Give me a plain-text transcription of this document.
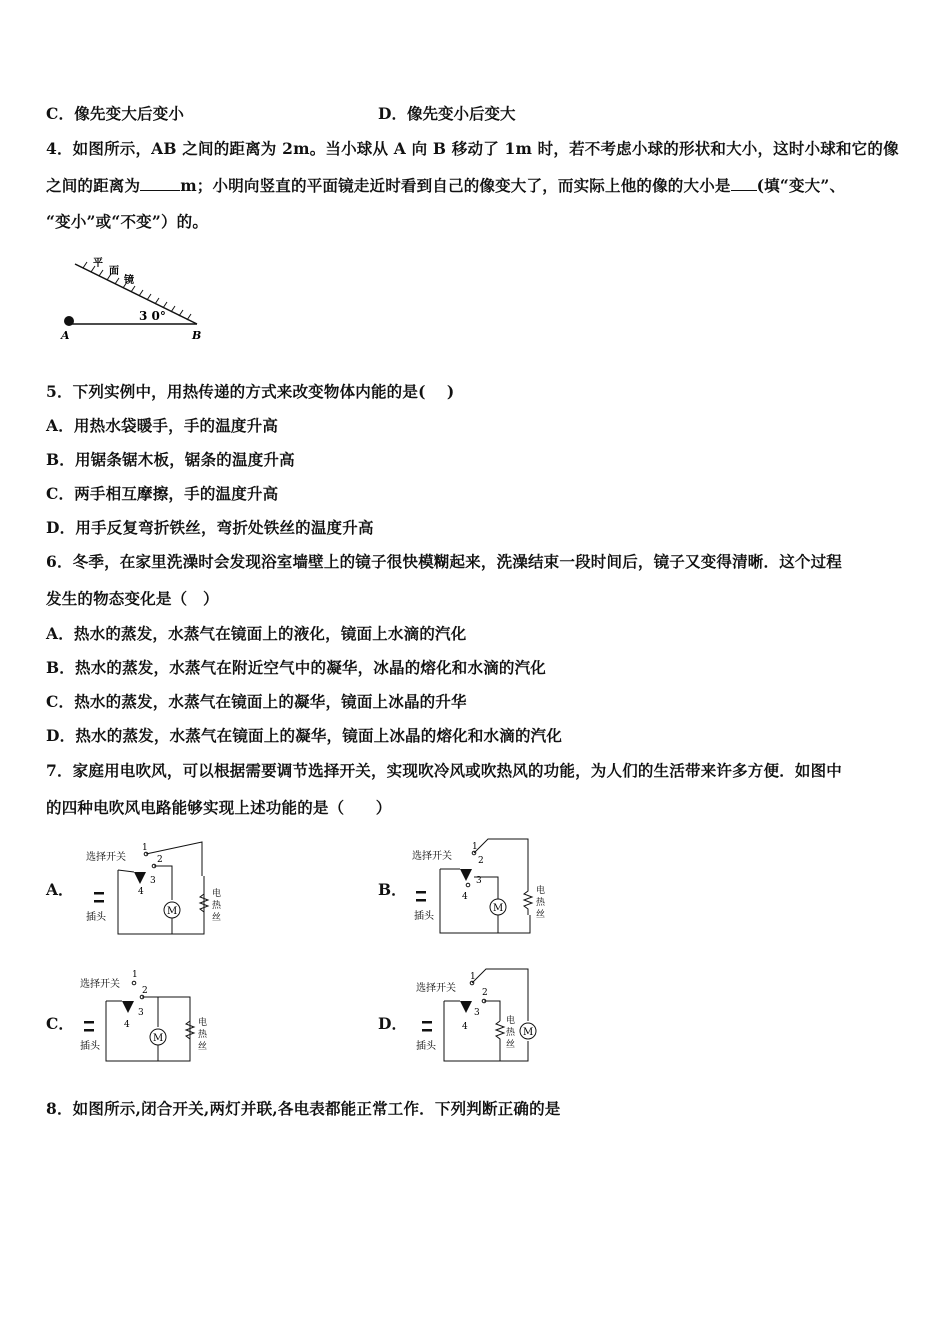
C．像先变大后变小	D．像先变小后变大
4．如图所示，AB 之间的距离为 2m。当小球从 A 向 B 移动了 1m 时，若不考虑小球的形状和大小，这时小球和它的像
之间的距离为	m；小明向竖直的平面镜走近时看到自己的像变大了，而实际上他的像的大小是 (填“变大”、
“变小”或“不变”）的。
平
面
镜
3 0°
A	B
5．下列实例中，用热传递的方式来改变物体内能的是(　 )
A．用热水袋暖手，手的温度升高
B．用锯条锯木板，锯条的温度升高
C．两手相互摩擦，手的温度升高
D．用手反复弯折铁丝，弯折处铁丝的温度升高
6．冬季，在家里洗澡时会发现浴室墙壁上的镜子很快模糊起来，洗澡结束一段时间后，镜子又变得清晰．这个过程
发生的物态变化是（　）
A．热水的蒸发，水蒸气在镜面上的液化，镜面上水滴的汽化
B．热水的蒸发，水蒸气在附近空气中的凝华，冰晶的熔化和水滴的汽化
C．热水的蒸发，水蒸气在镜面上的凝华，镜面上冰晶的升华
D．热水的蒸发，水蒸气在镜面上的凝华，镜面上冰晶的熔化和水滴的汽化
7．家庭用电吹风，可以根据需要调节选择开关，实现吹冷风或吹热风的功能，为人们的生活带来许多方便．如图中
的四种电吹风电路能够实现上述功能的是（　　）
A．
选择开关
1
2
3
4
M
电
热
丝
插头
B．
选择开关
1
2
3
4
M
电
热
丝
插头
C．
选择开关
1
2
3
4
M
电
热
丝
插头
D．
选择开关
1
2
3
4
电
热
丝
M
插头
8．如图所示,闭合开关,两灯并联,各电表都能正常工作．下列判断正确的是
